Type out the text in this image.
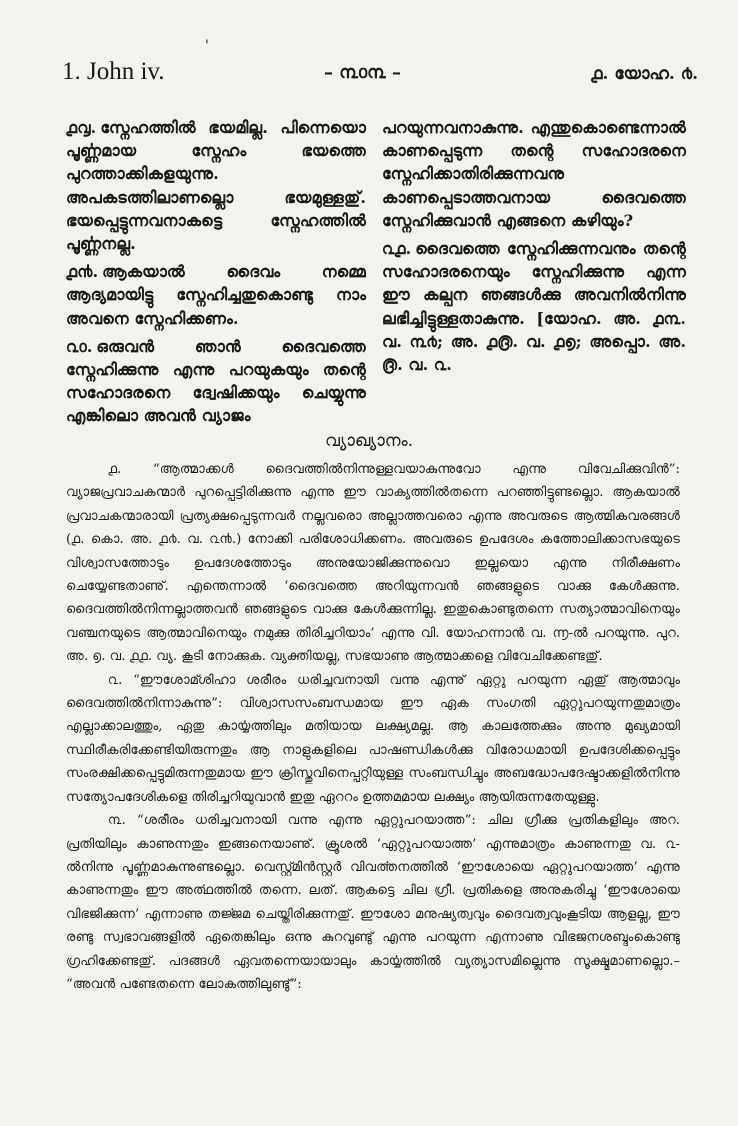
'
1. John iv.	– ൩൦൩ –	൧. യോഹ. ൪.

൧൮. സ്നേഹത്തിൽ ഭയമില്ല. പിന്നെയൊ പൂൎണ്ണമായ സ്നേഹം ഭയത്തെ പുറത്താക്കികളയുന്നു. അപകടത്തിലാണല്ലൊ ഭയമുള്ളതു്. ഭയപ്പെട്ടുന്നവനാകട്ടെ സ്നേഹത്തിൽ പൂൎണ്ണനല്ല.

൧൯. ആകയാൽ ദൈവം നമ്മെ ആദ്യമായിട്ടു സ്നേഹിച്ചതുകൊണ്ടു നാം അവനെ സ്നേഹിക്കണം.

൨൦. ഒരുവൻ ഞാൻ ദൈവത്തെ സ്നേഹിക്കുന്നു എന്നു പറയുകയും തന്റെ സഹോദരനെ ദ്വേഷിക്കയും ചെയ്യുന്നു എങ്കിലൊ അവൻ വ്യാജം

പറയുന്നവനാകുന്നു. എന്തുകൊണ്ടെന്നാൽ കാണപ്പെടുന്ന തന്റെ സഹോദരനെ സ്നേഹിക്കാതിരിക്കുന്നവനു കാണപ്പെടാത്തവനായ ദൈവത്തെ സ്നേഹിക്കുവാൻ എങ്ങനെ കഴിയും?

൨൧. ദൈവത്തെ സ്നേഹിക്കുന്നവനും തന്റെ സഹോദരനെയും സ്നേഹിക്കുന്നു എന്ന ഈ കല്പന ഞങ്ങൾക്കു അവനിൽനിന്നു ലഭിച്ചിട്ടുള്ളതാകുന്നു. [യോഹ. അ. ൧൩. വ. ൩൪; അ. ൧൫. വ. ൧൭; അപ്പൊ. അ. ൫. വ. ൨.

വ്യാഖ്യാനം.

൧. “ആത്മാക്കൾ ദൈവത്തിൽനിന്നുള്ളവയാകുന്നുവോ എന്നു വിവേചിക്കുവിൻ”: വ്യാജപ്രവാചകന്മാർ പുറപ്പെട്ടിരിക്കുന്നു എന്നു ഈ വാക്യത്തിൽതന്നെ പറഞ്ഞിട്ടുണ്ടല്ലൊ. ആകയാൽ പ്രവാചകന്മാരായി പ്രത്യക്ഷപ്പെടുന്നവർ നല്ലവരൊ അല്ലാത്തവരൊ എന്നു അവരുടെ ആത്മികവരങ്ങൾ (൧. കൊ. അ. ൧൪. വ. ൨൯.) നോക്കി പരിശോധിക്കണം. അവരുടെ ഉപദേശം കത്തോലിക്കാസഭയുടെ വിശ്വാസത്തോടും ഉപദേശത്തോടും അനുയോജിക്കുന്നുവൊ ഇല്ലയൊ എന്നു നിരീക്ഷണം ചെയ്യേണ്ടതാണു്. എന്തെന്നാൽ ‘ദൈവത്തെ അറിയുന്നവൻ ഞങ്ങളുടെ വാക്കു കേൾക്കുന്നു. ദൈവത്തിൽനിന്നല്ലാത്തവൻ ഞങ്ങളുടെ വാക്കു കേൾക്കുന്നില്ല. ഇതുകൊണ്ടുതന്നെ സത്യാത്മാവിനെയും വഞ്ചനയുടെ ആത്മാവിനെയും നമുക്കു തിരിച്ചറിയാം’ എന്നു വി. യോഹന്നാൻ വ. ൬-ൽ പറയുന്നു. പുറ. അ. ൭. വ. ൧൧. വ്യ. കൂടി നോക്കുക. വ്യക്തിയല്ല, സഭയാണു ആത്മാക്കളെ വിവേചിക്കേണ്ടതു്.

൨. “ഈശോമ്ശിഹാ ശരീരം ധരിച്ചവനായി വന്നു എന്നു് ഏറ്റു പറയുന്ന ഏതു് ആത്മാവും ദൈവത്തിൽനിന്നാകുന്നു”: വിശ്വാസസംബന്ധമായ ഈ ഏക സംഗതി ഏറ്റുപറയുന്നതുമാത്രം എല്ലാക്കാലത്തും, ഏതു കാൎയ്യത്തിലും മതിയായ ലക്ഷ്യമല്ല. ആ കാലത്തേക്കും അന്നു മുഖ്യമായി സ്ഥിരീകരിക്കേണ്ടിയിരുന്നതും ആ നാളുകളിലെ പാഷണ്ഡികൾക്കു വിരോധമായി ഉപദേശിക്കപ്പെട്ടും സംരക്ഷിക്കപ്പെട്ടുമിരുന്നതുമായ ഈ ക്രിസ്തുവിനെപ്പറ്റിയുള്ള സംബന്ധിച്ചും അബദ്ധോപദേഷ്ടാക്കളിൽനിന്നു സത്യോപദേശികളെ തിരിച്ചറിയുവാൻ ഇതു ഏററം ഉത്തമമായ ലക്ഷ്യം ആയിരുന്നതേയുള്ളു.

൩. “ശരീരം ധരിച്ചവനായി വന്നു എന്നു ഏറ്റുപറയാത്ത”: ചില ഗ്രീക്കു പ്രതികളിലും അറ. പ്രതിയിലും കാണുന്നതും ഇങ്ങനെയാണു്. ക്രൂശൽ ‘ഏറ്റുപറയാത്ത’ എന്നുമാത്രം കാണുന്നതു വ. ൨-ൽനിന്നു പൂൎണ്ണമാകുന്നുണ്ടല്ലൊ. വെസ്റ്റ്മിൻസ്റ്റർ വിവൎത്തനത്തിൽ ‘ഈശോയെ ഏറ്റുപറയാത്ത’ എന്നു കാണുന്നതും ഈ അൎത്ഥത്തിൽ തന്നെ. ലത്. ആകട്ടെ ചില ഗ്രീ. പ്രതികളെ അനുകരിച്ചു ‘ഈശോയെ വിഭജിക്കുന്ന’ എന്നാണു തൎജ്ജമ ചെയ്തിരിക്കുന്നതു്. ഈശോ മനുഷ്യത്വവും ദൈവത്വവുംകൂടിയ ആളല്ല, ഈ രണ്ടു സ്വഭാവങ്ങളിൽ ഏതെങ്കിലും ഒന്നു കുറവുണ്ടു് എന്നു പറയുന്ന എന്നാണു വിഭജനശബ്ദംകൊണ്ടു ഗ്രഹിക്കേണ്ടതു്. പദങ്ങൾ ഏവതന്നെയായാലും കാൎയ്യത്തിൽ വ്യത്യാസമില്ലെന്നു സൂക്ഷ്മമാണല്ലൊ.– “അവൻ പണ്ടേതന്നെ ലോകത്തിലുണ്ടു്”:
